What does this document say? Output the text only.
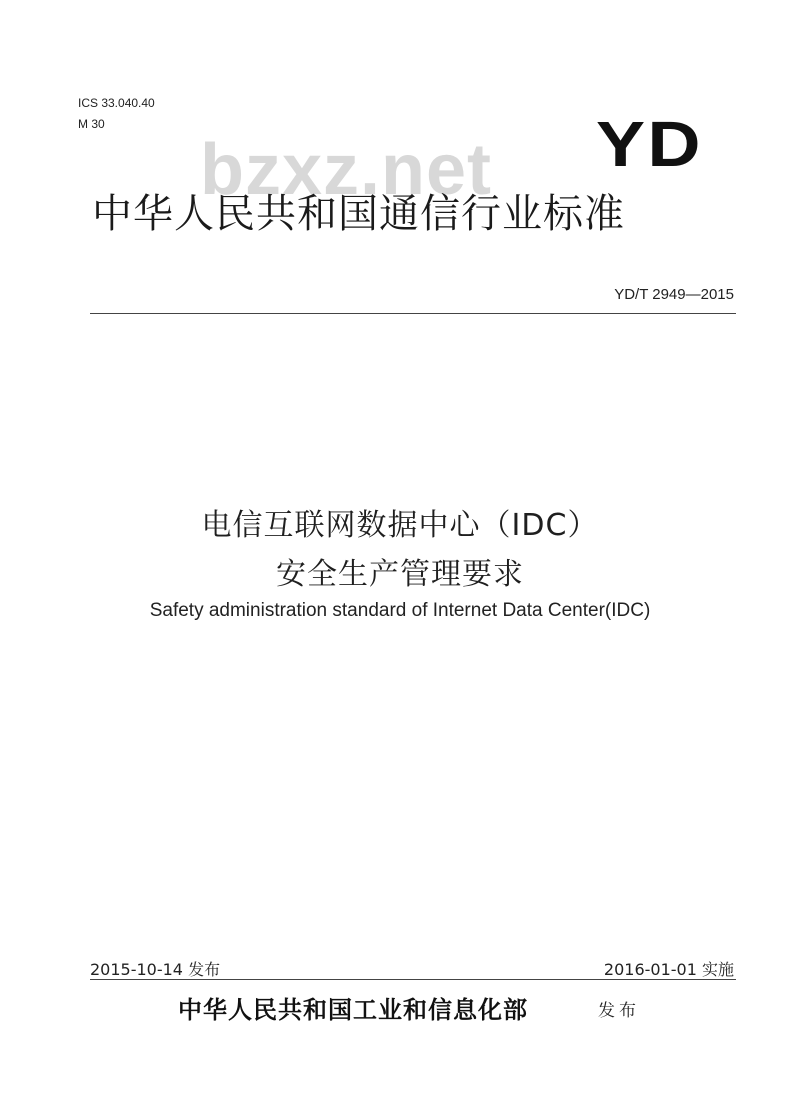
ICS 33.040.40
M 30
bzxz.net YD
中华人民共和国通信行业标准
YD/T 2949—2015
电信互联网数据中心（IDC）
安全生产管理要求
Safety administration standard of Internet Data Center(IDC)
2015-10-14 发布	2016-01-01 实施
中华人民共和国工业和信息化部	发布
